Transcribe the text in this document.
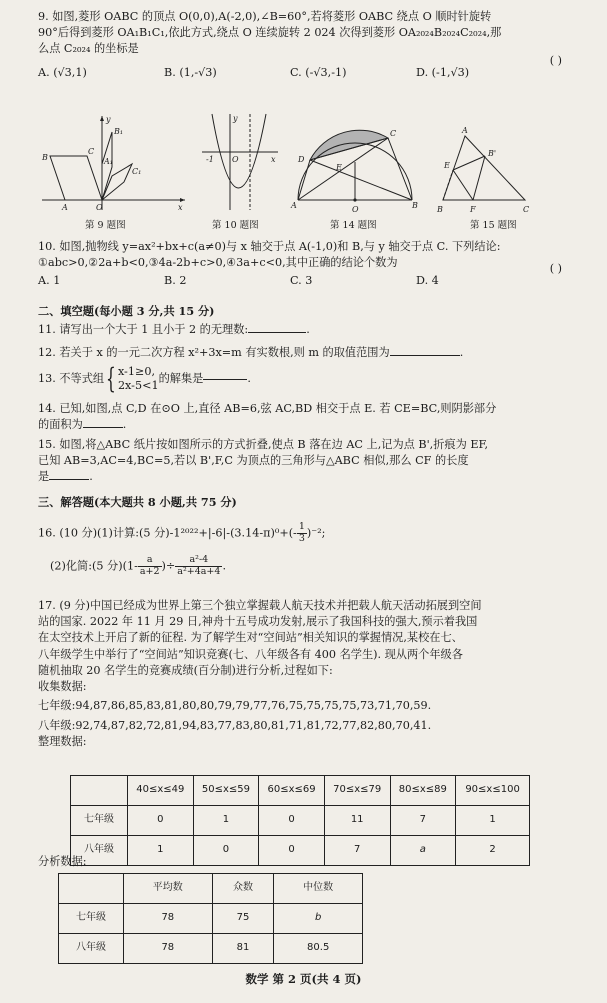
9. 如图,菱形 OABC 的顶点 O(0,0),A(-2,0),∠B=60°,若将菱形 OABC 绕点 O 顺时针旋转

90°后得到菱形 OA₁B₁C₁,依此方式,绕点 O 连续旋转 2 024 次得到菱形 OA₂₀₂₄B₂₀₂₄C₂₀₂₄,那

么点 C₂₀₂₄ 的坐标是

A. (√3,1)	B. (1,-√3)	C. (-√3,-1)	D. (-1,√3)
( )
y
B₁
C
A₁
C₁
B
A	O	x
第 9 题图
y
-1 O	x
第 10 题图
C
D
E
A	O	B
第 14 题图
A
B'
E
B	F	C
第 15 题图

10. 如图,抛物线 y=ax²+bx+c(a≠0)与 x 轴交于点 A(-1,0)和 B,与 y 轴交于点 C. 下列结论:

①abc>0,②2a+b<0,③4a-2b+c>0,④3a+c<0,其中正确的结论个数为

A. 1	B. 2	C. 3	D. 4
( )

二、填空题(每小题 3 分,共 15 分)

11. 请写出一个大于 1 且小于 2 的无理数:	.

12. 若关于 x 的一元二次方程 x²+3x=m 有实数根,则 m 的取值范围为	.

13. 不等式组{ x-1≥0,
2x-5<1
的解集是	.

14. 已知,如图,点 C,D 在⊙O 上,直径 AB=6,弦 AC,BD 相交于点 E. 若 CE=BC,则阴影部分

的面积为	.

15. 如图,将△ABC 纸片按如图所示的方式折叠,使点 B 落在边 AC 上,记为点 B',折痕为 EF,

已知 AB=3,AC=4,BC=5,若以 B',F,C 为顶点的三角形与△ABC 相似,那么 CF 的长度

是	.

三、解答题(本大题共 8 小题,共 75 分)

16. (10 分)(1)计算:(5 分)$-1^{2022}+|-6|-(3.14-\pi)^0+(- \frac{1}{3} )^{-2}$;

(2)化简:(5 分)($1- \frac{a}{a+2}$ )÷ $\frac{\text{a²-4}}{\text{a²+4a+4}}$ .

17. (9 分)中国已经成为世界上第三个独立掌握载人航天技术并把载人航天活动拓展到空间

站的国家. 2022 年 11 月 29 日,神舟十五号成功发射,展示了我国科技的强大,预示着我国

在太空技术上开启了新的征程. 为了解学生对“空间站”相关知识的掌握情况,某校在七、

八年级学生中举行了“空间站”知识竞赛(七、八年级各有 400 名学生). 现从两个年级各

随机抽取 20 名学生的竞赛成绩(百分制)进行分析,过程如下:

收集数据:

七年级:94,87,86,85,83,81,80,80,79,79,77,76,75,75,75,75,73,71,70,59.

八年级:92,74,87,82,72,81,94,83,77,83,80,81,71,81,72,77,82,80,70,41.

整理数据:

	40≤x≤49	50≤x≤59	60≤x≤69	70≤x≤79	80≤x≤89	90≤x≤100
七年级	0	1	0	11	7	1
八年级	1	0	0	7	a	2

分析数据:

	平均数	众数	中位数
七年级	78	75	b
八年级	78	81	80.5
数学 第 2 页(共 4 页)
